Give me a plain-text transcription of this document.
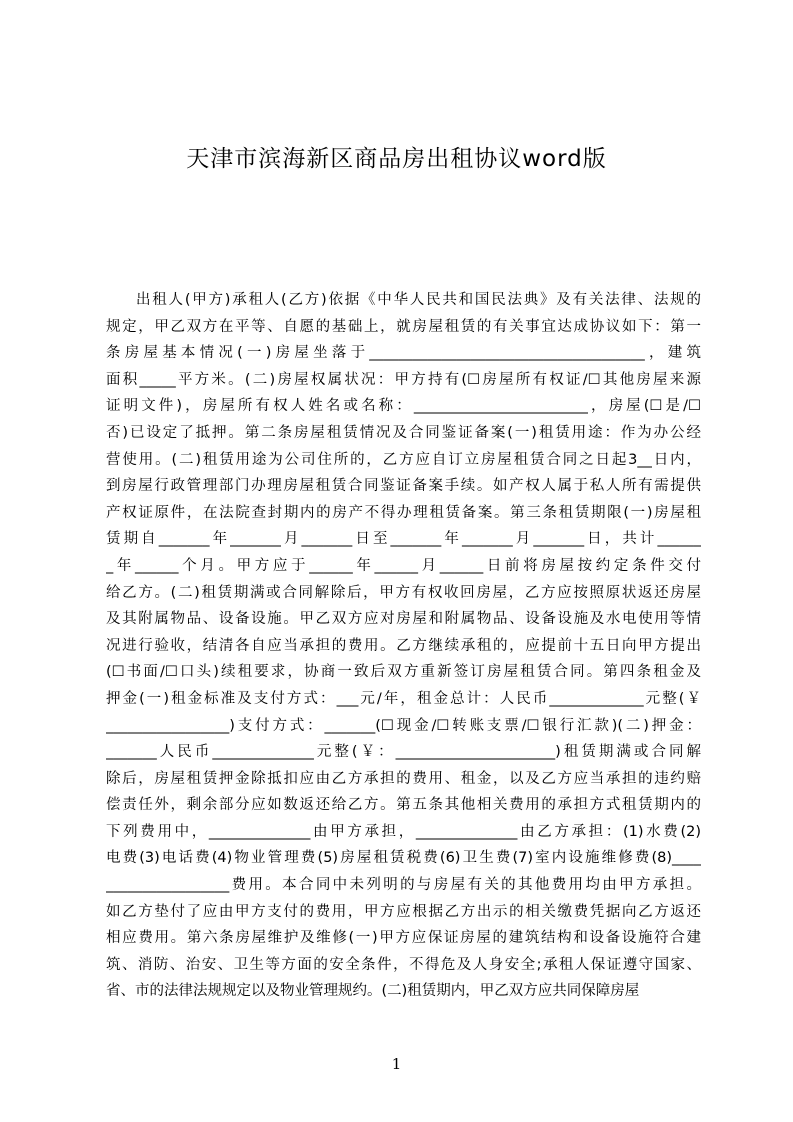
天津市滨海新区商品房出租协议word版
出租人(甲方)承租人(乙方)依据《中华人民共和国民法典》及有关法律、法规的
规定，甲乙双方在平等、自愿的基础上，就房屋租赁的有关事宜达成协议如下：第一
条房屋基本情况(一)房屋坐落于______________________________________，建筑
面积_____平方米。(二)房屋权属状况：甲方持有(☐房屋所有权证/☐其他房屋来源
证明文件)，房屋所有权人姓名或名称：________________________，房屋(☐是/☐
否)已设定了抵押。第二条房屋租赁情况及合同鉴证备案(一)租赁用途：作为办公经
营使用。(二)租赁用途为公司住所的，乙方应自订立房屋租赁合同之日起3__日内，
到房屋行政管理部门办理房屋租赁合同鉴证备案手续。如产权人属于私人所有需提供
产权证原件，在法院查封期内的房产不得办理租赁备案。第三条租赁期限(一)房屋租
赁期自_______年_______月_______日至_______年_______月_______日，共计______
_年______个月。甲方应于______年______月______日前将房屋按约定条件交付
给乙方。(二)租赁期满或合同解除后，甲方有权收回房屋，乙方应按照原状返还房屋
及其附属物品、设备设施。甲乙双方应对房屋和附属物品、设备设施及水电使用等情
况进行验收，结清各自应当承担的费用。乙方继续承租的，应提前十五日向甲方提出
(☐书面/☐口头)续租要求，协商一致后双方重新签订房屋租赁合同。第四条租金及
押金(一)租金标准及支付方式：___元/年，租金总计：人民币_____________元整(￥
_________________)支付方式：_______(☐现金/☐转账支票/☐银行汇款)(二)押金：
_______人民币______________元整(￥：______________________)租赁期满或合同解
除后，房屋租赁押金除抵扣应由乙方承担的费用、租金，以及乙方应当承担的违约赔
偿责任外，剩余部分应如数返还给乙方。第五条其他相关费用的承担方式租赁期内的
下列费用中，______________由甲方承担，______________由乙方承担：(1)水费(2)
电费(3)电话费(4)物业管理费(5)房屋租赁税费(6)卫生费(7)室内设施维修费(8)____
_________________费用。本合同中未列明的与房屋有关的其他费用均由甲方承担。
如乙方垫付了应由甲方支付的费用，甲方应根据乙方出示的相关缴费凭据向乙方返还
相应费用。第六条房屋维护及维修(一)甲方应保证房屋的建筑结构和设备设施符合建
筑、消防、治安、卫生等方面的安全条件，不得危及人身安全;承租人保证遵守国家、
省、市的法律法规规定以及物业管理规约。(二)租赁期内，甲乙双方应共同保障房屋
1
